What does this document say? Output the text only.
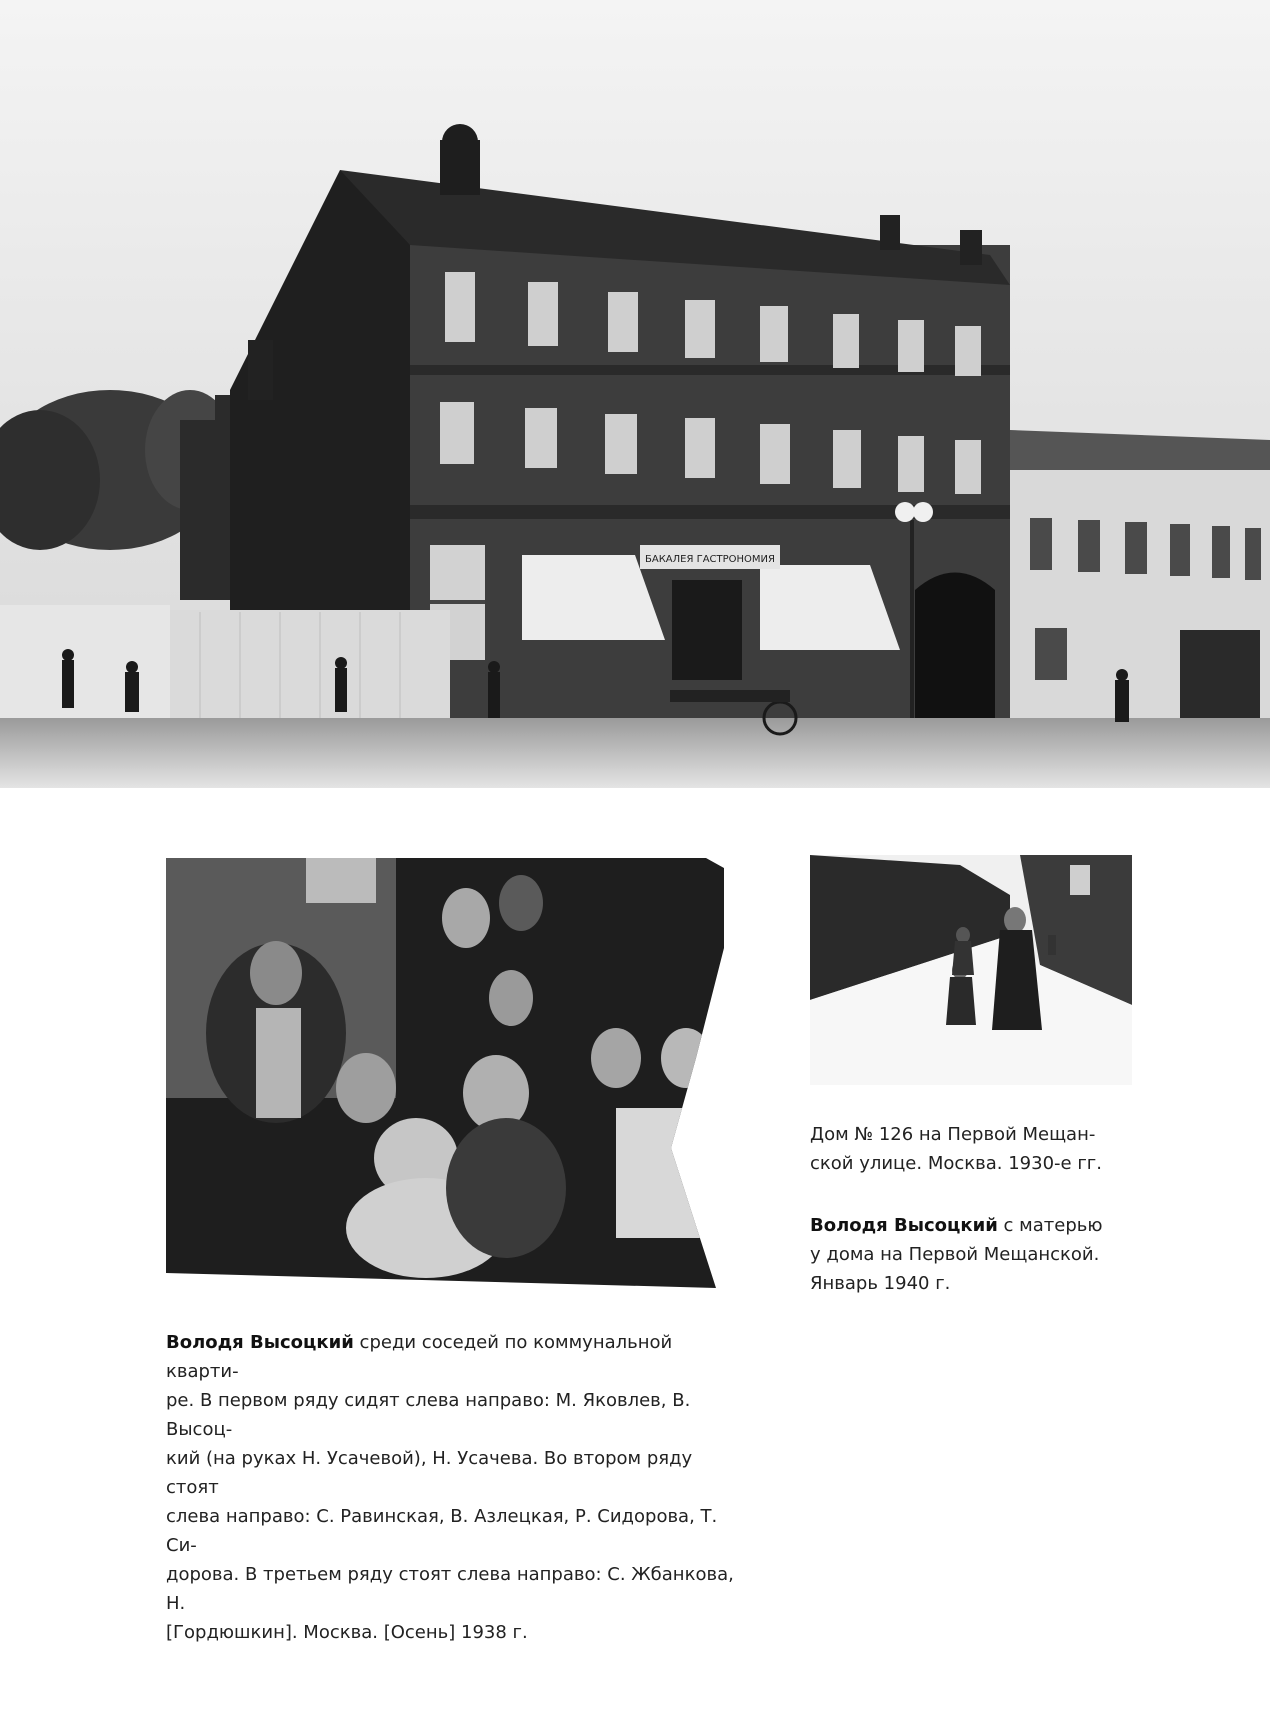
БАКАЛЕЯ ГАСТРОНОМИЯ

Дом № 126 на Первой Мещан-

ской улице. Москва. 1930-е гг.

Володя Высоцкий с матерью

у дома на Первой Мещанской.

Январь 1940 г.

Володя Высоцкий среди соседей по коммунальной кварти-

ре. В первом ряду сидят слева направо: М. Яковлев, В. Высоц-

кий (на руках Н. Усачевой), Н. Усачева. Во втором ряду стоят

слева направо: С. Равинская, В. Азлецкая, Р. Сидорова, Т. Си-

дорова. В третьем ряду стоят слева направо: С. Жбанкова, Н.

[Гордюшкин]. Москва. [Осень] 1938 г.
